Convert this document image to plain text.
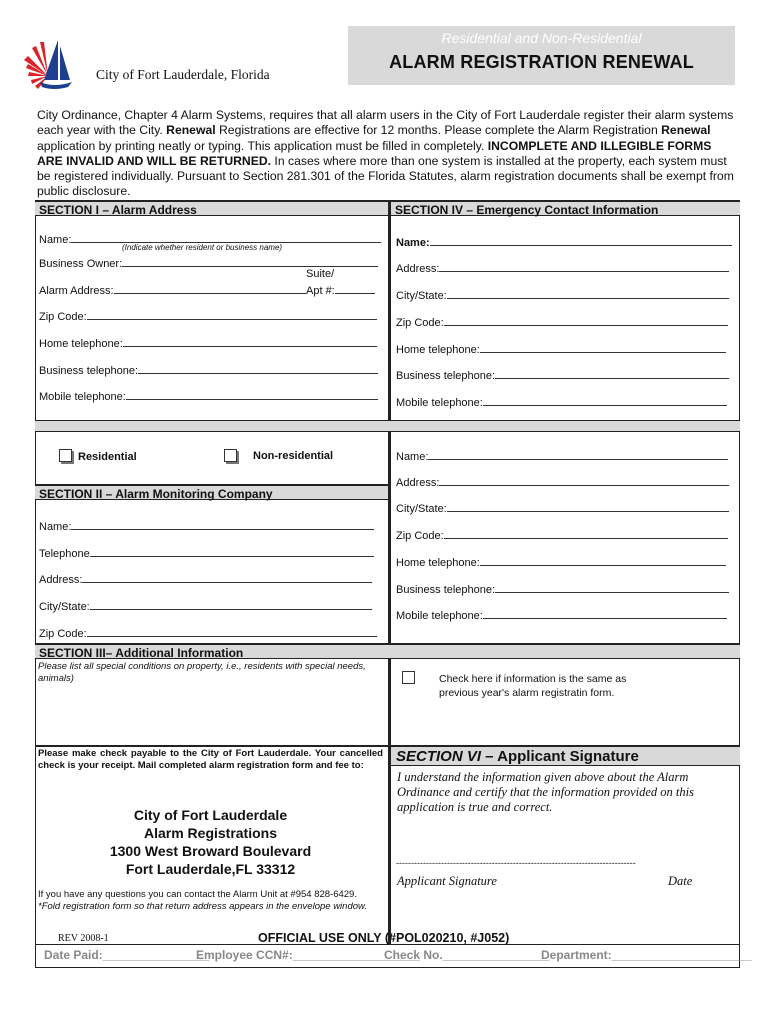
City of Fort Lauderdale, Florida
Residential and Non-Residential
ALARM REGISTRATION RENEWAL

City Ordinance, Chapter 4 Alarm Systems, requires that all alarm users in the City of Fort Lauderdale register their alarm systems each year with the City. Renewal Registrations are effective for 12 months. Please complete the Alarm Registration Renewal application by printing neatly or typing. This application must be filled in completely. INCOMPLETE AND ILLEGIBLE FORMS ARE INVALID AND WILL BE RETURNED. In cases where more than one system is installed at the property, each system must be registered individually. Pursuant to Section 281.301 of the Florida Statutes, alarm registration documents shall be exempt from public disclosure.

SECTION I – Alarm Address	SECTION IV – Emergency Contact Information
Name:
(Indicate whether resident or business name)
Business Owner:
Suite/
Alarm Address:	Apt #:
Zip Code:
Home telephone:
Business telephone:
Mobile telephone:
Residential	Non-residential
SECTION II – Alarm Monitoring Company
Name:
Telephone
Address:
City/State:
Zip Code:
Name:
Address:
City/State:
Zip Code:
Home telephone:
Business telephone:
Mobile telephone:
Name:
Address:
City/State:
Zip Code:
Home telephone:
Business telephone:
Mobile telephone:
SECTION III– Additional Information
Please list all special conditions on property, i.e., residents with special needs, animals)	Check here if information is the same as previous year's alarm registratin form.
Please make check payable to the City of Fort Lauderdale. Your cancelled check is your receipt. Mail completed alarm registration form and fee to:
City of Fort Lauderdale
Alarm Registrations
1300 West Broward Boulevard
Fort Lauderdale,FL 33312
If you have any questions you can contact the Alarm Unit at #954 828-6429.
*Fold registration form so that return address appears in the envelope window.
SECTION VI – Applicant Signature
I understand the information given above about the Alarm Ordinance and certify that the information provided on this application is true and correct.
--------------------------------------------------------------------------------
Applicant Signature	Date
REV 2008-1	OFFICIAL USE ONLY (#POL020210, #J052)
Date Paid:________________
Employee CCN#:___________________
Check No.________________
Department:_____________________
